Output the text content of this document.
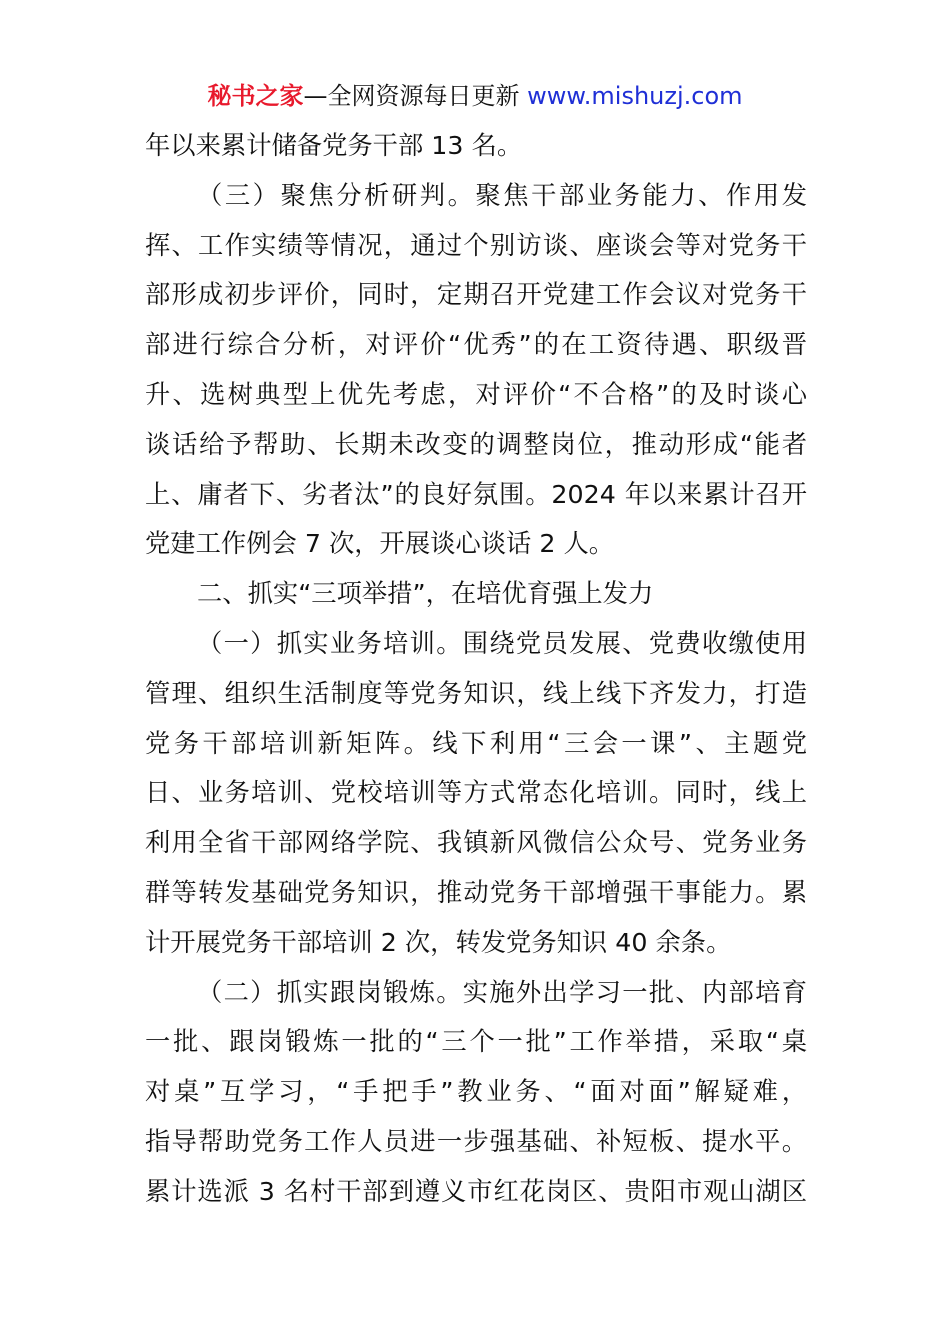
秘书之家—全网资源每日更新 www.mishuzj.com
年以来累计储备党务干部 13 名。
（三）聚焦分析研判。聚焦干部业务能力、作用发
挥、工作实绩等情况，通过个别访谈、座谈会等对党务干
部形成初步评价，同时，定期召开党建工作会议对党务干
部进行综合分析，对评价“优秀”的在工资待遇、职级晋
升、选树典型上优先考虑，对评价“不合格”的及时谈心
谈话给予帮助、长期未改变的调整岗位，推动形成“能者
上、庸者下、劣者汰”的良好氛围。2024 年以来累计召开
党建工作例会 7 次，开展谈心谈话 2 人。
二、抓实“三项举措”，在培优育强上发力
（一）抓实业务培训。围绕党员发展、党费收缴使用
管理、组织生活制度等党务知识，线上线下齐发力，打造
党务干部培训新矩阵。线下利用“三会一课”、主题党
日、业务培训、党校培训等方式常态化培训。同时，线上
利用全省干部网络学院、我镇新风微信公众号、党务业务
群等转发基础党务知识，推动党务干部增强干事能力。累
计开展党务干部培训 2 次，转发党务知识 40 余条。
（二）抓实跟岗锻炼。实施外出学习一批、内部培育
一批、跟岗锻炼一批的“三个一批”工作举措，采取“桌
对桌”互学习，“手把手”教业务、“面对面”解疑难，
指导帮助党务工作人员进一步强基础、补短板、提水平。
累计选派 3 名村干部到遵义市红花岗区、贵阳市观山湖区
